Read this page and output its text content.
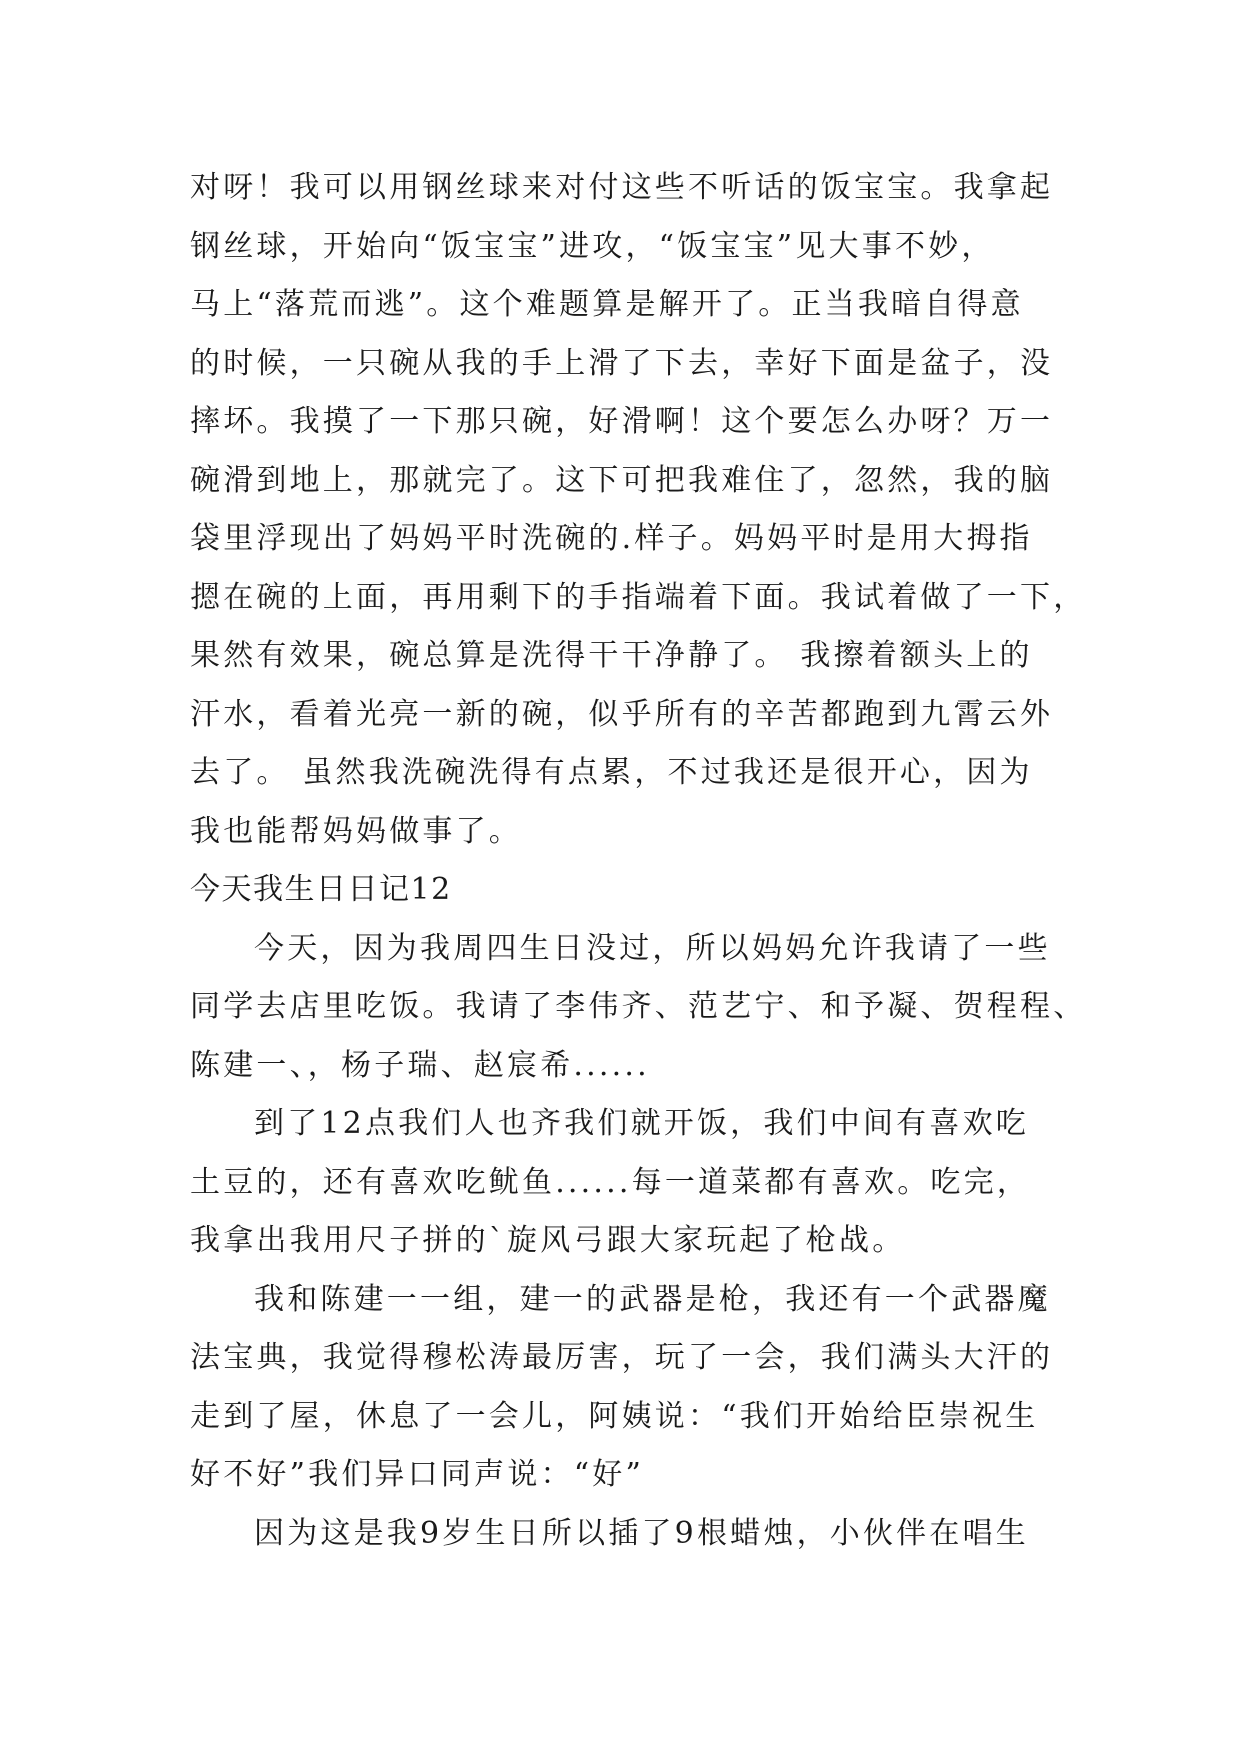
对呀！我可以用钢丝球来对付这些不听话的饭宝宝。我拿起
钢丝球，开始向“饭宝宝”进攻，“饭宝宝”见大事不妙，
马上“落荒而逃”。这个难题算是解开了。正当我暗自得意
的时候，一只碗从我的手上滑了下去，幸好下面是盆子，没
摔坏。我摸了一下那只碗，好滑啊！这个要怎么办呀？万一
碗滑到地上，那就完了。这下可把我难住了，忽然，我的脑
袋里浮现出了妈妈平时洗碗的.样子。妈妈平时是用大拇指
摁在碗的上面，再用剩下的手指端着下面。我试着做了一下，
果然有效果，碗总算是洗得干干净静了。 我擦着额头上的
汗水，看着光亮一新的碗，似乎所有的辛苦都跑到九霄云外
去了。 虽然我洗碗洗得有点累，不过我还是很开心，因为
我也能帮妈妈做事了。
今天我生日日记12
今天，因为我周四生日没过，所以妈妈允许我请了一些
同学去店里吃饭。我请了李伟齐、范艺宁、和予凝、贺程程、
陈建一、，杨子瑞、赵宸希......
到了12点我们人也齐我们就开饭，我们中间有喜欢吃
土豆的，还有喜欢吃鱿鱼......每一道菜都有喜欢。吃完，
我拿出我用尺子拼的`旋风弓跟大家玩起了枪战。
我和陈建一一组，建一的武器是枪，我还有一个武器魔
法宝典，我觉得穆松涛最厉害，玩了一会，我们满头大汗的
走到了屋，休息了一会儿，阿姨说：“我们开始给臣崇祝生
好不好”我们异口同声说：“好”
因为这是我9岁生日所以插了9根蜡烛，小伙伴在唱生
